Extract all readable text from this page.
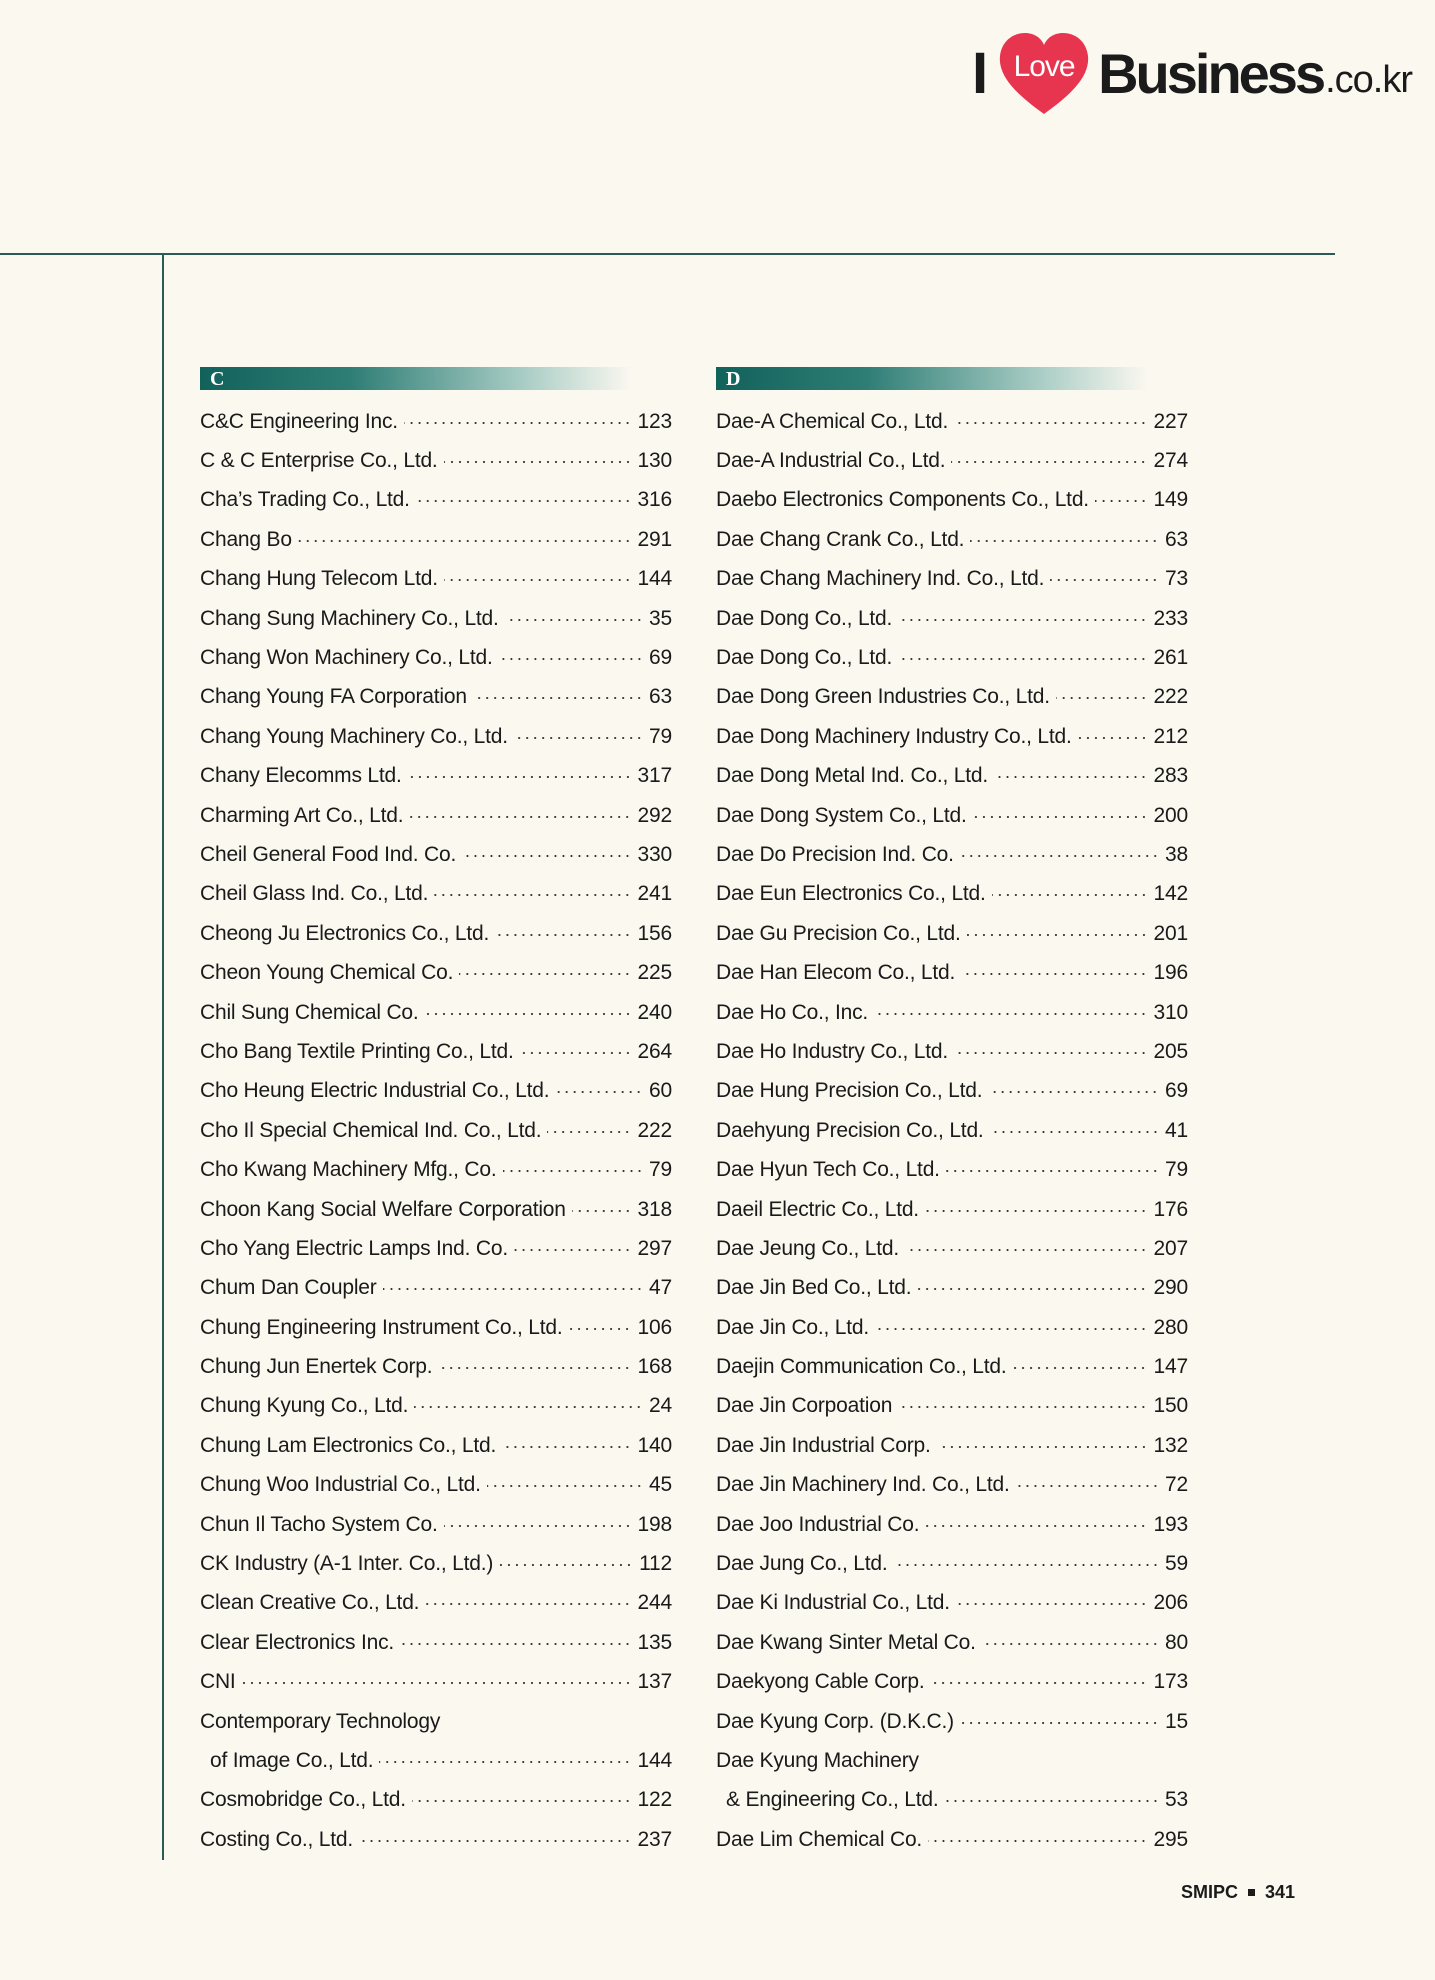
I Love Business .co.kr
C
C&C Engineering Inc.	123
C & C Enterprise Co., Ltd.	130
Cha’s Trading Co., Ltd.	316
Chang Bo	291
Chang Hung Telecom Ltd.	144
Chang Sung Machinery Co., Ltd.	35
Chang Won Machinery Co., Ltd.	69
Chang Young FA Corporation	63
Chang Young Machinery Co., Ltd.	79
Chany Elecomms Ltd.	317
Charming Art Co., Ltd.	292
Cheil General Food Ind. Co.	330
Cheil Glass Ind. Co., Ltd.	241
Cheong Ju Electronics Co., Ltd.	156
Cheon Young Chemical Co.	225
Chil Sung Chemical Co.	240
Cho Bang Textile Printing Co., Ltd.	264
Cho Heung Electric Industrial Co., Ltd.	60
Cho Il Special Chemical Ind. Co., Ltd.	222
Cho Kwang Machinery Mfg., Co.	79
Choon Kang Social Welfare Corporation	318
Cho Yang Electric Lamps Ind. Co.	297
Chum Dan Coupler	47
Chung Engineering Instrument Co., Ltd.	106
Chung Jun Enertek Corp.	168
Chung Kyung Co., Ltd.	24
Chung Lam Electronics Co., Ltd.	140
Chung Woo Industrial Co., Ltd.	45
Chun Il Tacho System Co.	198
CK Industry (A-1 Inter. Co., Ltd.)	112
Clean Creative Co., Ltd.	244
Clear Electronics Inc.	135
CNI	137
Contemporary Technology
of Image Co., Ltd.	144
Cosmobridge Co., Ltd.	122
Costing Co., Ltd.	237
D
Dae-A Chemical Co., Ltd.	227
Dae-A Industrial Co., Ltd.	274
Daebo Electronics Components Co., Ltd.	149
Dae Chang Crank Co., Ltd.	63
Dae Chang Machinery Ind. Co., Ltd.	73
Dae Dong Co., Ltd.	233
Dae Dong Co., Ltd.	261
Dae Dong Green Industries Co., Ltd.	222
Dae Dong Machinery Industry Co., Ltd.	212
Dae Dong Metal Ind. Co., Ltd.	283
Dae Dong System Co., Ltd.	200
Dae Do Precision Ind. Co.	38
Dae Eun Electronics Co., Ltd.	142
Dae Gu Precision Co., Ltd.	201
Dae Han Elecom Co., Ltd.	196
Dae Ho Co., Inc.	310
Dae Ho Industry Co., Ltd.	205
Dae Hung Precision Co., Ltd.	69
Daehyung Precision Co., Ltd.	41
Dae Hyun Tech Co., Ltd.	79
Daeil Electric Co., Ltd.	176
Dae Jeung Co., Ltd.	207
Dae Jin Bed Co., Ltd.	290
Dae Jin Co., Ltd.	280
Daejin Communication Co., Ltd.	147
Dae Jin Corpoation	150
Dae Jin Industrial Corp.	132
Dae Jin Machinery Ind. Co., Ltd.	72
Dae Joo Industrial Co.	193
Dae Jung Co., Ltd.	59
Dae Ki Industrial Co., Ltd.	206
Dae Kwang Sinter Metal Co.	80
Daekyong Cable Corp.	173
Dae Kyung Corp. (D.K.C.)	15
Dae Kyung Machinery
& Engineering Co., Ltd.	53
Dae Lim Chemical Co.	295
SMIPC 341
